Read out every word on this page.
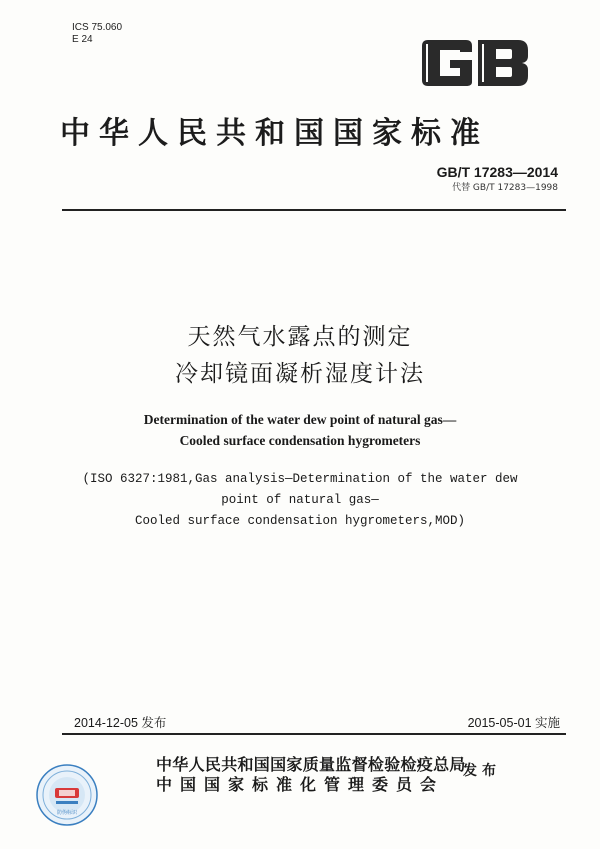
ICS 75.060
E 24
中华人民共和国国家标准
GB/T 17283—2014
代替 GB/T 17283—1998
天然气水露点的测定
冷却镜面凝析湿度计法
Determination of the water dew point of natural gas—
Cooled surface condensation hygrometers
(ISO 6327:1981,Gas analysis—Determination of the water dew
point of natural gas—
Cooled surface condensation hygrometers,MOD)
2014-12-05 发布	2015-05-01 实施
中华人民共和国国家质量监督检验检疫总局
中国国家标准化管理委员会
发布
防伪标识
